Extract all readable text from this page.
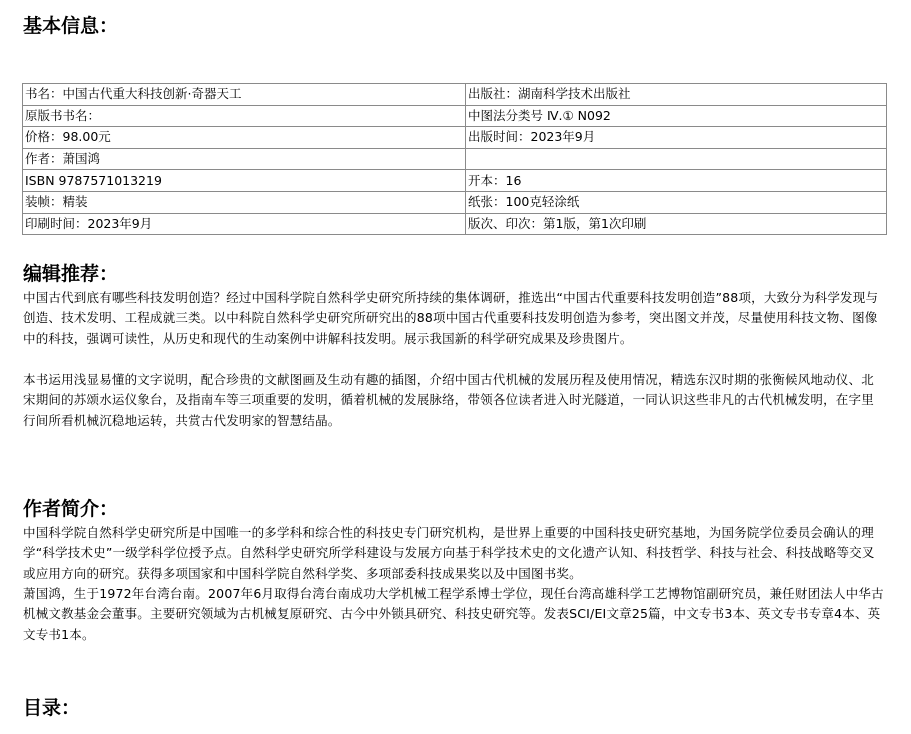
基本信息：
书名：中国古代重大科技创新·奇器天工	出版社：湖南科学技术出版社
原版书书名：	中图法分类号 Ⅳ.① N092
价格：98.00元	出版时间：2023年9月
作者：萧国鸿	
ISBN 9787571013219	开本：16
装帧：精装	纸张：100克轻涂纸
印刷时间：2023年9月	版次、印次：第1版，第1次印刷
编辑推荐：

中国古代到底有哪些科技发明创造？经过中国科学院自然科学史研究所持续的集体调研，推选出“中国古代重要科技发明创造”88项，大致分为科学发现与创造、技术发明、工程成就三类。以中科院自然科学史研究所研究出的88项中国古代重要科技发明创造为参考，突出图文并茂，尽量使用科技文物、图像中的科技，强调可读性，从历史和现代的生动案例中讲解科技发明。展示我国新的科学研究成果及珍贵图片。

本书运用浅显易懂的文字说明，配合珍贵的文献图画及生动有趣的插图，介绍中国古代机械的发展历程及使用情况，精选东汉时期的张衡候风地动仪、北宋期间的苏颂水运仪象台，及指南车等三项重要的发明，循着机械的发展脉络，带领各位读者进入时光隧道，一同认识这些非凡的古代机械发明，在字里行间所看机械沉稳地运转，共赏古代发明家的智慧结晶。

作者简介：

中国科学院自然科学史研究所是中国唯一的多学科和综合性的科技史专门研究机构，是世界上重要的中国科技史研究基地，为国务院学位委员会确认的理学“科学技术史”一级学科学位授予点。自然科学史研究所学科建设与发展方向基于科学技术史的文化遗产认知、科技哲学、科技与社会、科技战略等交叉或应用方向的研究。获得多项国家和中国科学院自然科学奖、多项部委科技成果奖以及中国图书奖。

萧国鸿，生于1972年台湾台南。2007年6月取得台湾台南成功大学机械工程学系博士学位，现任台湾高雄科学工艺博物馆副研究员，兼任财团法人中华古机械文教基金会董事。主要研究领域为古机械复原研究、古今中外锁具研究、科技史研究等。发表SCI/EI文章25篇，中文专书3本、英文专书专章4本、英文专书1本。

目录：
